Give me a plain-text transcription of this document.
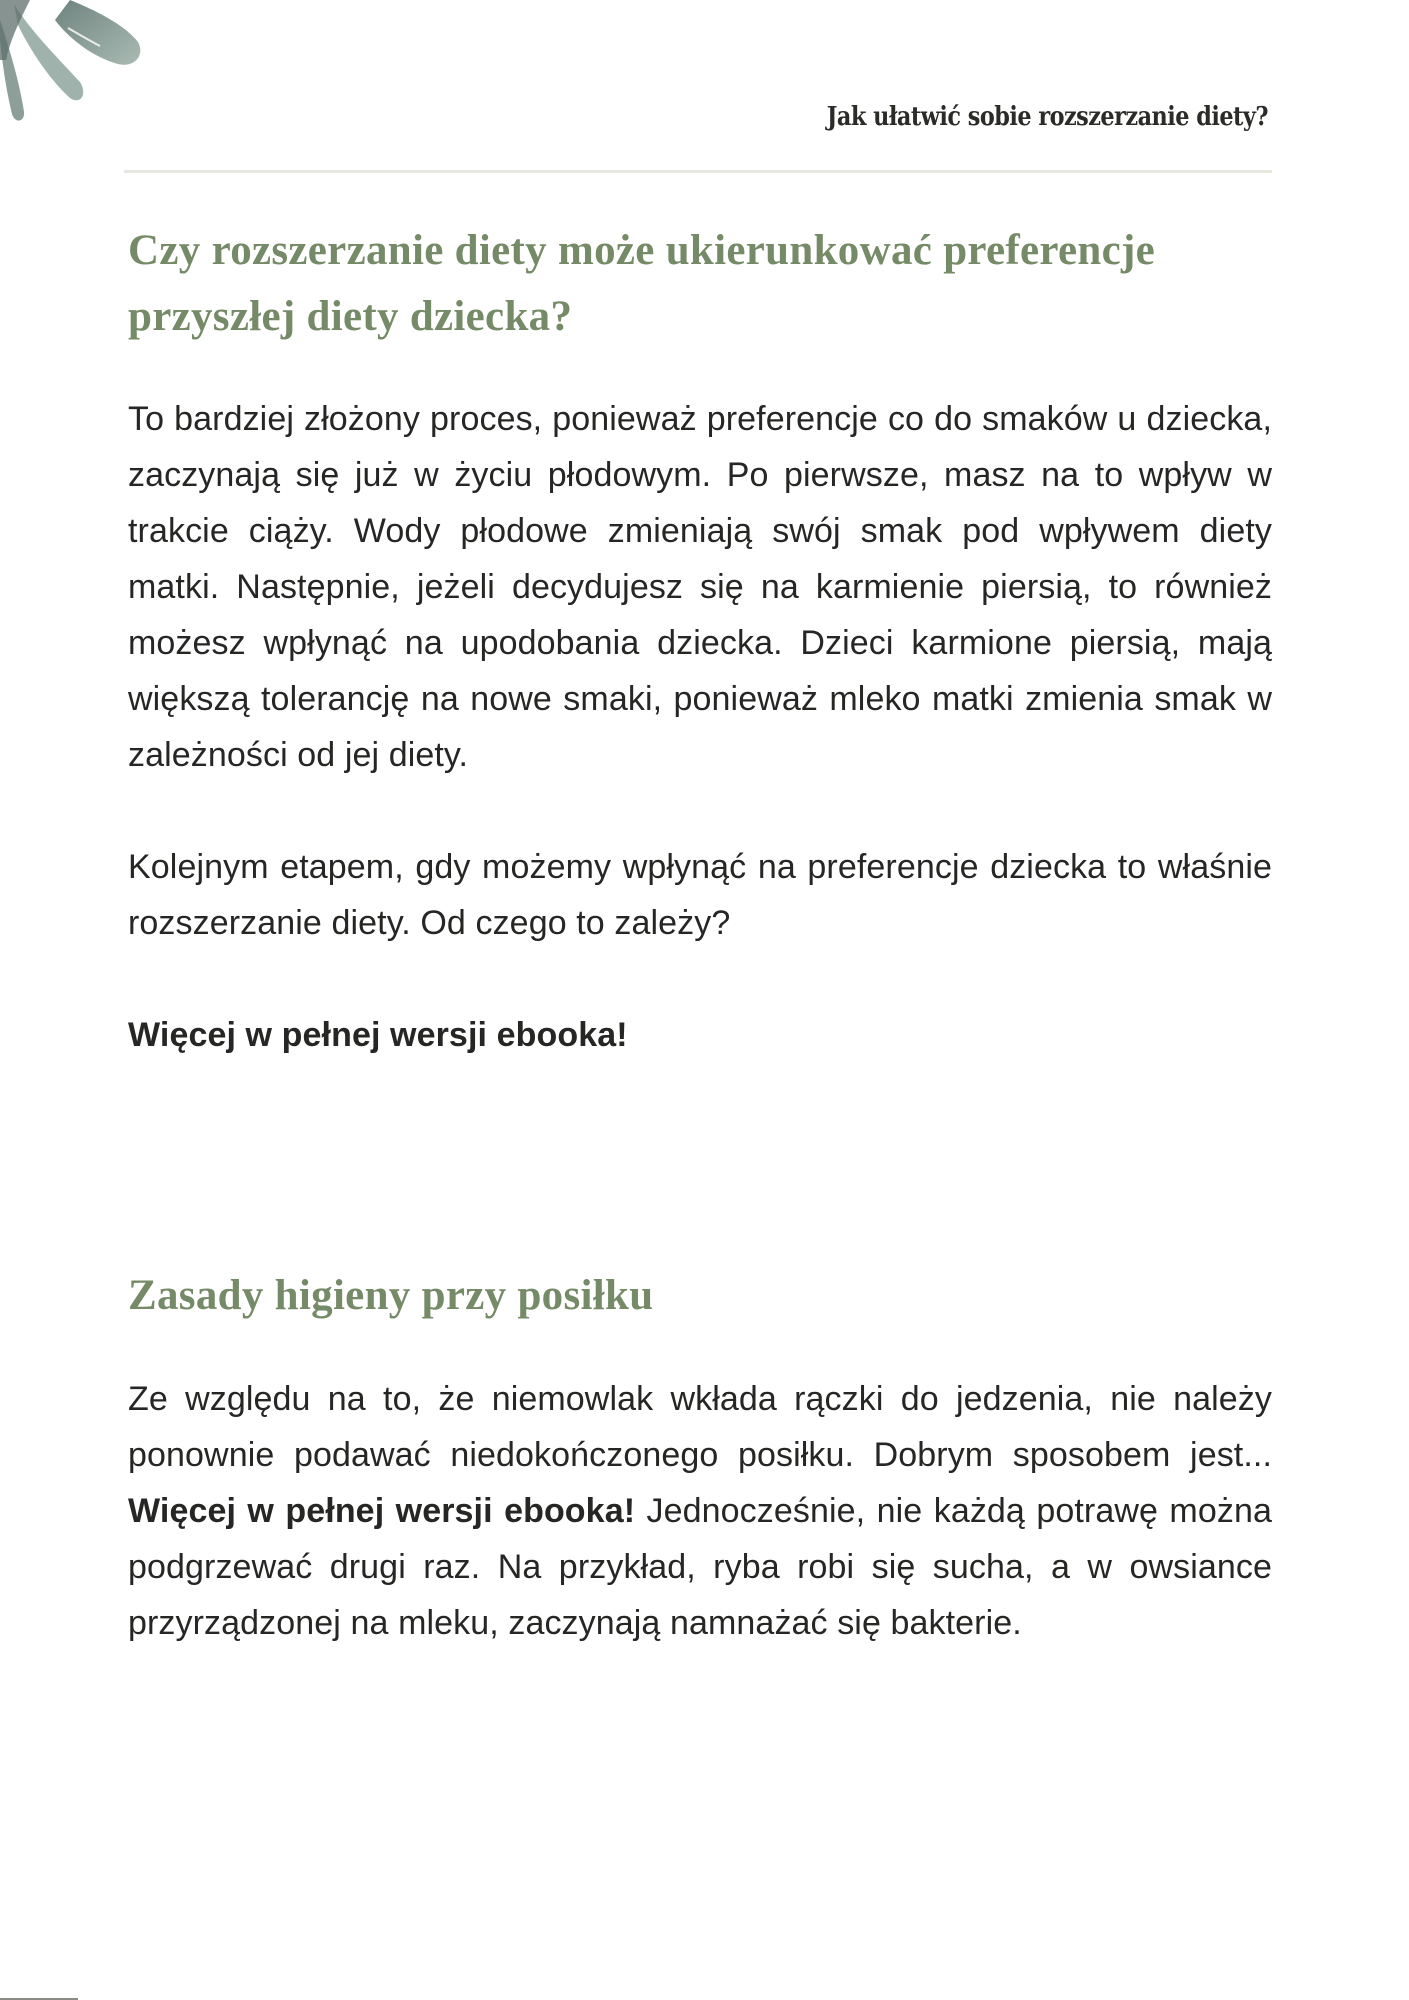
Jak ułatwić sobie rozszerzanie diety?
Czy rozszerzanie diety może ukierunkować preferencje przyszłej diety dziecka?

To bardziej złożony proces, ponieważ preferencje co do smaków u dziecka, zaczynają się już w życiu płodowym. Po pierwsze, masz na to wpływ w trakcie ciąży. Wody płodowe zmieniają swój smak pod wpływem diety matki. Następnie, jeżeli decydujesz się na karmienie piersią, to również możesz wpłynąć na upodobania dziecka. Dzieci karmione piersią, mają większą tolerancję na nowe smaki, ponieważ mleko matki zmienia smak w zależności od jej diety.

Kolejnym etapem, gdy możemy wpłynąć na preferencje dziecka to właśnie rozszerzanie diety. Od czego to zależy?

Więcej w pełnej wersji ebooka!

Zasady higieny przy posiłku

Ze względu na to, że niemowlak wkłada rączki do jedzenia, nie należy ponownie podawać niedokończonego posiłku. Dobrym sposobem jest... Więcej w pełnej wersji ebooka! Jednocześnie, nie każdą potrawę można podgrzewać drugi raz. Na przykład, ryba robi się sucha, a w owsiance przyrządzonej na mleku, zaczynają namnażać się bakterie.
